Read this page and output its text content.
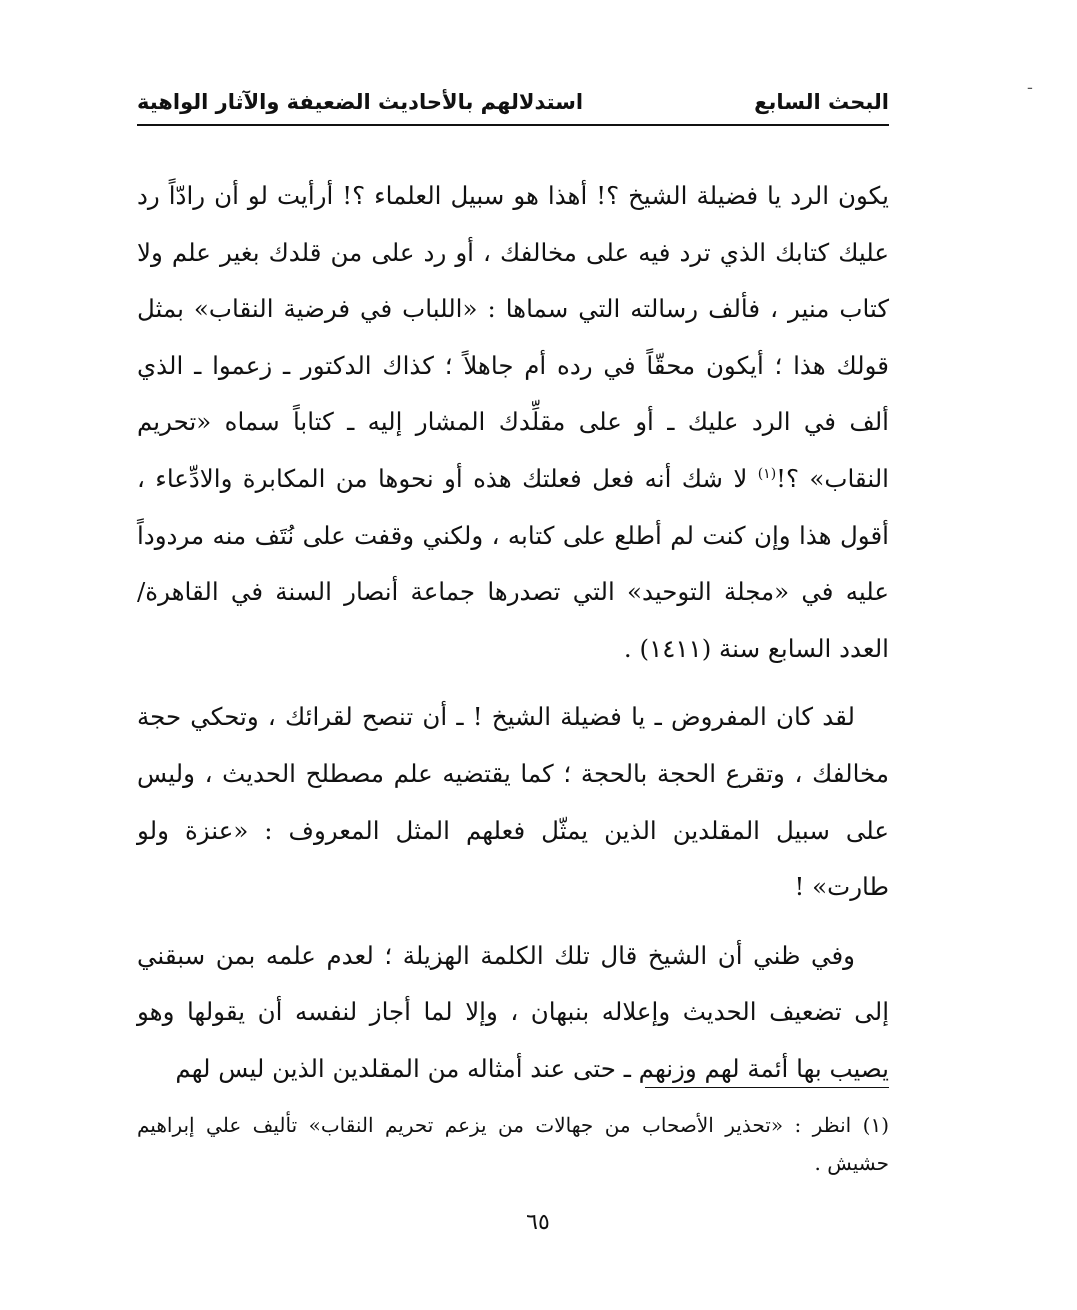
ـ
البحث السابع
استدلالهم بالأحاديث الضعيفة والآثار الواهية

يكون الرد يا فضيلة الشيخ ؟! أهذا هو سبيل العلماء ؟! أرأيت لو أن رادّاً رد عليك كتابك الذي ترد فيه على مخالفك ، أو رد على من قلدك بغير علم ولا كتاب منير ، فألف رسالته التي سماها : «اللباب في فرضية النقاب» بمثل قولك هذا ؛ أيكون محقّاً في رده أم جاهلاً ؛ كذاك الدكتور ـ زعموا ـ الذي ألف في الرد عليك ـ أو على مقلِّدك المشار إليه ـ كتاباً سماه «تحريم النقاب» ؟!$^{(١)}$ لا شك أنه فعل فعلتك هذه أو نحوها من المكابرة والادِّعاء ، أقول هذا وإن كنت لم أطلع على كتابه ، ولكني وقفت على نُتَف منه مردوداً عليه في «مجلة التوحيد» التي تصدرها جماعة أنصار السنة في القاهرة/العدد السابع سنة (١٤١١) .

لقد كان المفروض ـ يا فضيلة الشيخ ! ـ أن تنصح لقرائك ، وتحكي حجة مخالفك ، وتقرع الحجة بالحجة ؛ كما يقتضيه علم مصطلح الحديث ، وليس على سبيل المقلدين الذين يمثّل فعلهم المثل المعروف : «عنزة ولو طارت» !

وفي ظني أن الشيخ قال تلك الكلمة الهزيلة ؛ لعدم علمه بمن سبقني إلى تضعيف الحديث وإعلاله بنبهان ، وإلا لما أجاز لنفسه أن يقولها وهو يصيب بها أئمة لهم وزنهم ـ حتى عند أمثاله من المقلدين الذين ليس لهم

(١) انظر : «تحذير الأصحاب من جهالات من يزعم تحريم النقاب» تأليف علي إبراهيم حشيش .
٦٥
